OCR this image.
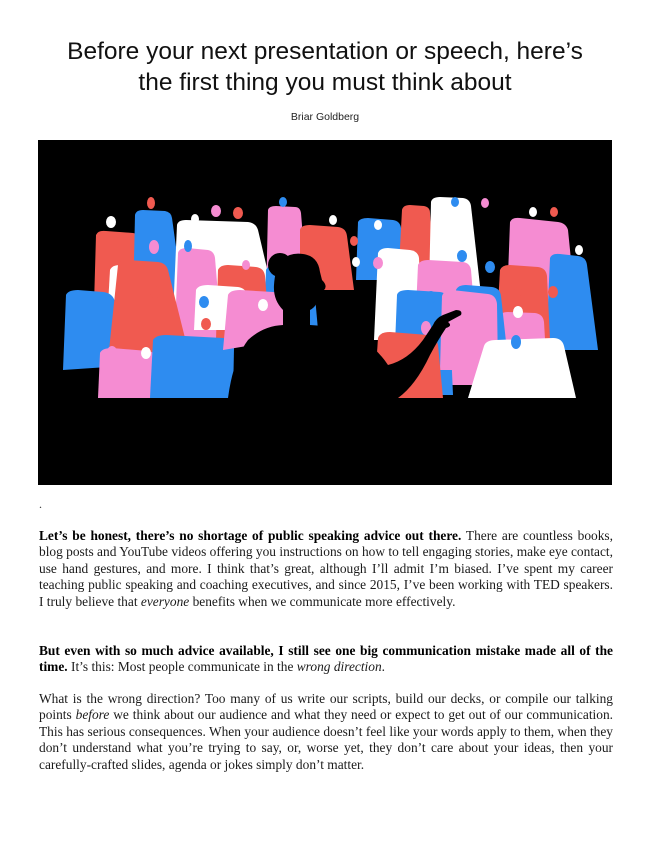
Before your next presentation or speech, here’s
the first thing you must think about
Briar Goldberg
.

Let’s be honest, there’s no shortage of public speaking advice out there. There are countless books, blog posts and YouTube videos offering you instructions on how to tell engaging stories, make eye contact, use hand gestures, and more. I think that’s great, although I’ll admit I’m biased. I’ve spent my career teaching public speaking and coaching executives, and since 2015, I’ve been working with TED speakers. I truly believe that everyone benefits when we communicate more effectively.

But even with so much advice available, I still see one big communication mistake made all of the time. It’s this: Most people communicate in the wrong direction.

What is the wrong direction? Too many of us write our scripts, build our decks, or compile our talking points before we think about our audience and what they need or expect to get out of our communication. This has serious consequences. When your audience doesn’t feel like your words apply to them, when they don’t understand what you’re trying to say, or, worse yet, they don’t care about your ideas, then your carefully-crafted slides, agenda or jokes simply don’t matter.
